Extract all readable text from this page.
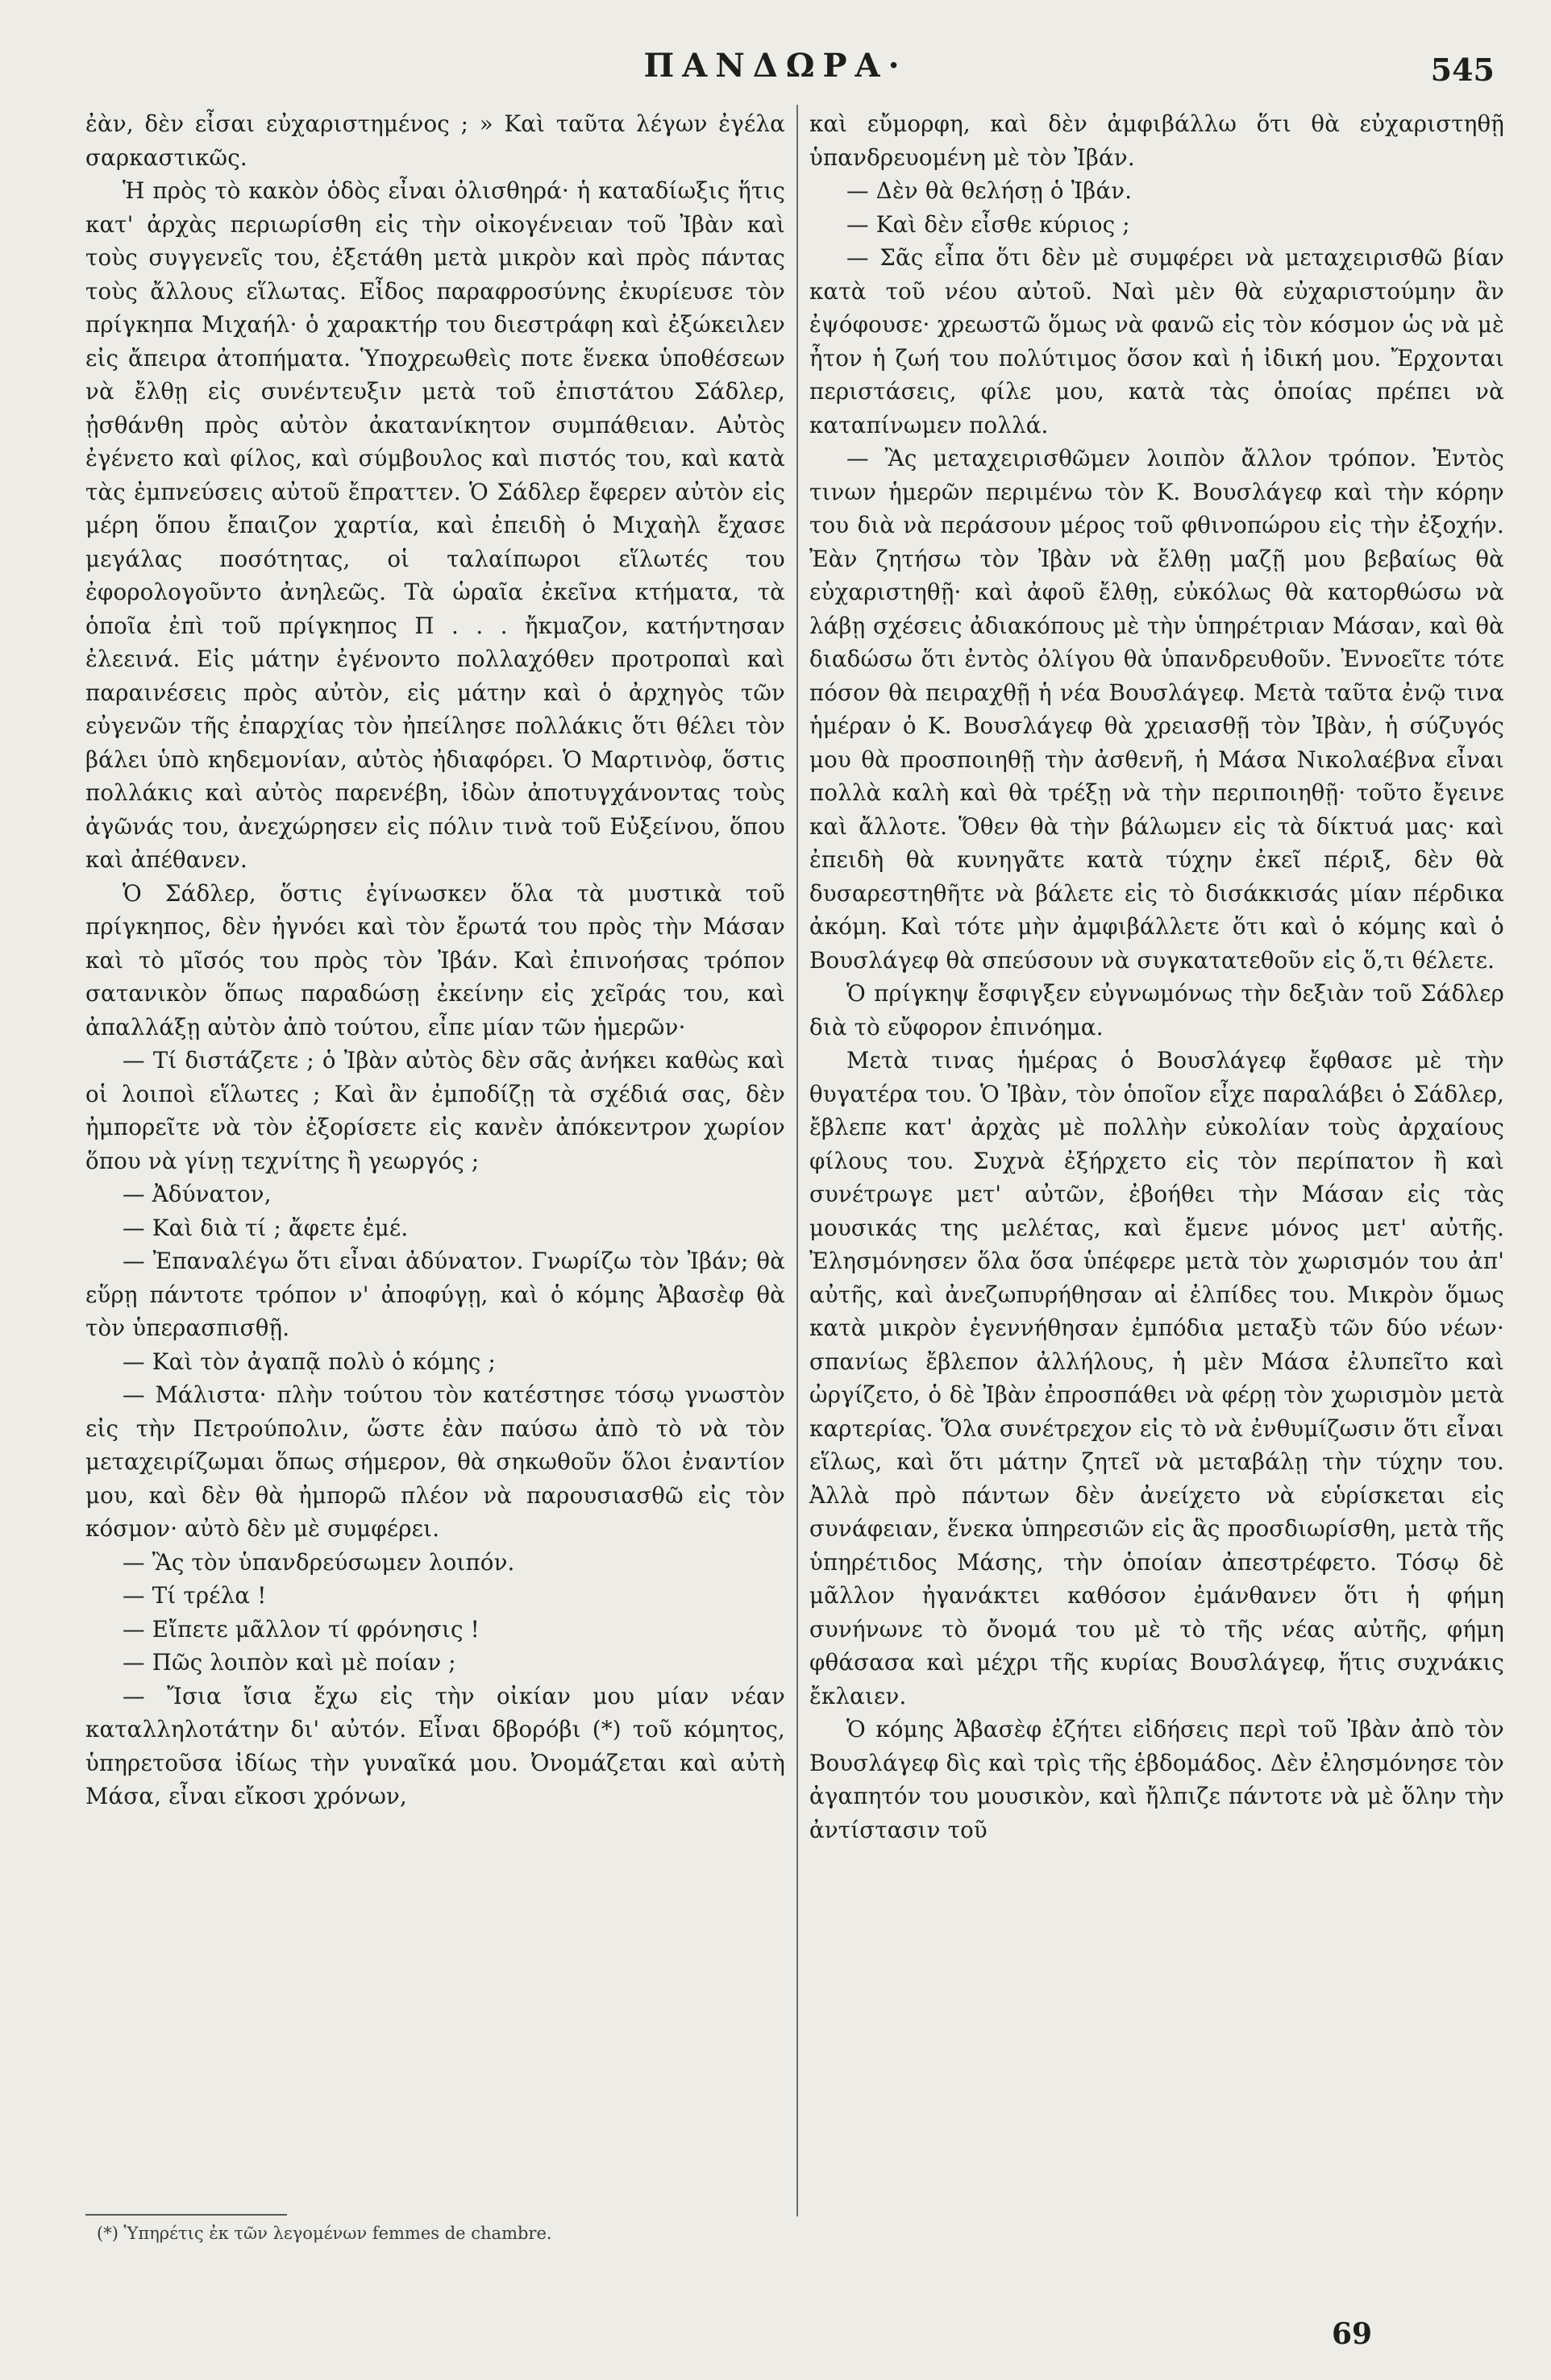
ΠΑΝΔΩΡΑ·	545

ἐὰν, δὲν εἶσαι εὐχαριστημένος ; » Καὶ ταῦτα λέγων ἐγέλα σαρκαστικῶς.

Ἡ πρὸς τὸ κακὸν ὁδὸς εἶναι ὀλισθηρά· ἡ καταδίωξις ἥτις κατ' ἀρχὰς περιωρίσθη εἰς τὴν οἰκογένειαν τοῦ Ἰβὰν καὶ τοὺς συγγενεῖς του, ἐξετάθη μετὰ μικρὸν καὶ πρὸς πάντας τοὺς ἄλλους εἵλωτας. Εἶδος παραφροσύνης ἐκυρίευσε τὸν πρίγκηπα Μιχαήλ· ὁ χαρακτήρ του διεστράφη καὶ ἐξώκειλεν εἰς ἄπειρα ἀτοπήματα. Ὑποχρεωθεὶς ποτε ἕνεκα ὑποθέσεων νὰ ἔλθῃ εἰς συνέντευξιν μετὰ τοῦ ἐπιστάτου Σάδλερ, ᾐσθάνθη πρὸς αὐτὸν ἀκατανίκητον συμπάθειαν. Αὐτὸς ἐγένετο καὶ φίλος, καὶ σύμβουλος καὶ πιστός του, καὶ κατὰ τὰς ἐμπνεύσεις αὐτοῦ ἔπραττεν. Ὁ Σάδλερ ἔφερεν αὐτὸν εἰς μέρη ὅπου ἔπαιζον χαρτία, καὶ ἐπειδὴ ὁ Μιχαὴλ ἔχασε μεγάλας ποσότητας, οἱ ταλαίπωροι εἵλωτές του ἐφορολογοῦντο ἀνηλεῶς. Τὰ ὡραῖα ἐκεῖνα κτήματα, τὰ ὁποῖα ἐπὶ τοῦ πρίγκηπος Π . . . ἤκμαζον, κατήντησαν ἐλεεινά. Εἰς μάτην ἐγένοντο πολλαχόθεν προτροπαὶ καὶ παραινέσεις πρὸς αὐτὸν, εἰς μάτην καὶ ὁ ἀρχηγὸς τῶν εὐγενῶν τῆς ἐπαρχίας τὸν ἠπείλησε πολλάκις ὅτι θέλει τὸν βάλει ὑπὸ κηδεμονίαν, αὐτὸς ἠδιαφόρει. Ὁ Μαρτινὸφ, ὅστις πολλάκις καὶ αὐτὸς παρενέβη, ἰδὼν ἀποτυγχάνοντας τοὺς ἀγῶνάς του, ἀνεχώρησεν εἰς πόλιν τινὰ τοῦ Εὐξείνου, ὅπου καὶ ἀπέθανεν.

Ὁ Σάδλερ, ὅστις ἐγίνωσκεν ὅλα τὰ μυστικὰ τοῦ πρίγκηπος, δὲν ἠγνόει καὶ τὸν ἔρωτά του πρὸς τὴν Μάσαν καὶ τὸ μῖσός του πρὸς τὸν Ἰβάν. Καὶ ἐπινοήσας τρόπον σατανικὸν ὅπως παραδώσῃ ἐκείνην εἰς χεῖράς του, καὶ ἀπαλλάξῃ αὐτὸν ἀπὸ τούτου, εἶπε μίαν τῶν ἡμερῶν·

— Τί διστάζετε ; ὁ Ἰβὰν αὐτὸς δὲν σᾶς ἀνήκει καθὼς καὶ οἱ λοιποὶ εἵλωτες ; Καὶ ἂν ἐμποδίζῃ τὰ σχέδιά σας, δὲν ἠμπορεῖτε νὰ τὸν ἐξορίσετε εἰς κανὲν ἀπόκεντρον χωρίον ὅπου νὰ γίνῃ τεχνίτης ἢ γεωργός ;

— Ἀδύνατον,

— Καὶ διὰ τί ; ἄφετε ἐμέ.

— Ἐπαναλέγω ὅτι εἶναι ἀδύνατον. Γνωρίζω τὸν Ἰβάν; θὰ εὕρῃ πάντοτε τρόπον ν' ἀποφύγῃ, καὶ ὁ κόμης Ἀβασὲφ θὰ τὸν ὑπερασπισθῇ.

— Καὶ τὸν ἀγαπᾷ πολὺ ὁ κόμης ;

— Μάλιστα· πλὴν τούτου τὸν κατέστησε τόσῳ γνωστὸν εἰς τὴν Πετρούπολιν, ὥστε ἐὰν παύσω ἀπὸ τὸ νὰ τὸν μεταχειρίζωμαι ὅπως σήμερον, θὰ σηκωθοῦν ὅλοι ἐναντίον μου, καὶ δὲν θὰ ἠμπορῶ πλέον νὰ παρουσιασθῶ εἰς τὸν κόσμον· αὐτὸ δὲν μὲ συμφέρει.

— Ἂς τὸν ὑπανδρεύσωμεν λοιπόν.

— Τί τρέλα !

— Εἴπετε μᾶλλον τί φρόνησις !

— Πῶς λοιπὸν καὶ μὲ ποίαν ;

— Ἴσια ἴσια ἔχω εἰς τὴν οἰκίαν μου μίαν νέαν καταλληλοτάτην δι' αὐτόν. Εἶναι δβορόβι (*) τοῦ κόμητος, ὑπηρετοῦσα ἰδίως τὴν γυναῖκά μου. Ὀνομάζεται καὶ αὐτὴ Μάσα, εἶναι εἴκοσι χρόνων,

καὶ εὔμορφη, καὶ δὲν ἀμφιβάλλω ὅτι θὰ εὐχαριστηθῇ ὑπανδρευομένη μὲ τὸν Ἰβάν.

— Δὲν θὰ θελήσῃ ὁ Ἰβάν.

— Καὶ δὲν εἶσθε κύριος ;

— Σᾶς εἶπα ὅτι δὲν μὲ συμφέρει νὰ μεταχειρισθῶ βίαν κατὰ τοῦ νέου αὐτοῦ. Ναὶ μὲν θὰ εὐχαριστούμην ἂν ἐψόφουσε· χρεωστῶ ὅμως νὰ φανῶ εἰς τὸν κόσμον ὡς νὰ μὲ ἦτον ἡ ζωή του πολύτιμος ὅσον καὶ ἡ ἰδική μου. Ἔρχονται περιστάσεις, φίλε μου, κατὰ τὰς ὁποίας πρέπει νὰ καταπίνωμεν πολλά.

— Ἂς μεταχειρισθῶμεν λοιπὸν ἄλλον τρόπον. Ἐντὸς τινων ἡμερῶν περιμένω τὸν Κ. Βουσλάγεφ καὶ τὴν κόρην του διὰ νὰ περάσουν μέρος τοῦ φθινοπώρου εἰς τὴν ἐξοχήν. Ἐὰν ζητήσω τὸν Ἰβὰν νὰ ἔλθῃ μαζῇ μου βεβαίως θὰ εὐχαριστηθῇ· καὶ ἀφοῦ ἔλθῃ, εὐκόλως θὰ κατορθώσω νὰ λάβῃ σχέσεις ἀδιακόπους μὲ τὴν ὑπηρέτριαν Μάσαν, καὶ θὰ διαδώσω ὅτι ἐντὸς ὀλίγου θὰ ὑπανδρευθοῦν. Ἐννοεῖτε τότε πόσον θὰ πειραχθῇ ἡ νέα Βουσλάγεφ. Μετὰ ταῦτα ἐνῷ τινα ἡμέραν ὁ Κ. Βουσλάγεφ θὰ χρειασθῇ τὸν Ἰβὰν, ἡ σύζυγός μου θὰ προσποιηθῇ τὴν ἀσθενῆ, ἡ Μάσα Νικολαέβνα εἶναι πολλὰ καλὴ καὶ θὰ τρέξῃ νὰ τὴν περιποιηθῇ· τοῦτο ἔγεινε καὶ ἄλλοτε. Ὅθεν θὰ τὴν βάλωμεν εἰς τὰ δίκτυά μας· καὶ ἐπειδὴ θὰ κυνηγᾶτε κατὰ τύχην ἐκεῖ πέριξ, δὲν θὰ δυσαρεστηθῆτε νὰ βάλετε εἰς τὸ δισάκκισάς μίαν πέρδικα ἀκόμη. Καὶ τότε μὴν ἀμφιβάλλετε ὅτι καὶ ὁ κόμης καὶ ὁ Βουσλάγεφ θὰ σπεύσουν νὰ συγκατατεθοῦν εἰς ὅ,τι θέλετε.

Ὁ πρίγκηψ ἔσφιγξεν εὐγνωμόνως τὴν δεξιὰν τοῦ Σάδλερ διὰ τὸ εὔφορον ἐπινόημα.

Μετὰ τινας ἡμέρας ὁ Βουσλάγεφ ἔφθασε μὲ τὴν θυγατέρα του. Ὁ Ἰβὰν, τὸν ὁποῖον εἶχε παραλάβει ὁ Σάδλερ, ἔβλεπε κατ' ἀρχὰς μὲ πολλὴν εὐκολίαν τοὺς ἀρχαίους φίλους του. Συχνὰ ἐξήρχετο εἰς τὸν περίπατον ἢ καὶ συνέτρωγε μετ' αὐτῶν, ἐβοήθει τὴν Μάσαν εἰς τὰς μουσικάς της μελέτας, καὶ ἔμενε μόνος μετ' αὐτῆς. Ἐλησμόνησεν ὅλα ὅσα ὑπέφερε μετὰ τὸν χωρισμόν του ἀπ' αὐτῆς, καὶ ἀνεζωπυρήθησαν αἱ ἐλπίδες του. Μικρὸν ὅμως κατὰ μικρὸν ἐγεννήθησαν ἐμπόδια μεταξὺ τῶν δύο νέων· σπανίως ἔβλεπον ἀλλήλους, ἡ μὲν Μάσα ἐλυπεῖτο καὶ ὠργίζετο, ὁ δὲ Ἰβὰν ἐπροσπάθει νὰ φέρῃ τὸν χωρισμὸν μετὰ καρτερίας. Ὅλα συνέτρεχον εἰς τὸ νὰ ἐνθυμίζωσιν ὅτι εἶναι εἵλως, καὶ ὅτι μάτην ζητεῖ νὰ μεταβάλῃ τὴν τύχην του. Ἀλλὰ πρὸ πάντων δὲν ἀνείχετο νὰ εὑρίσκεται εἰς συνάφειαν, ἕνεκα ὑπηρεσιῶν εἰς ἃς προσδιωρίσθη, μετὰ τῆς ὑπηρέτιδος Μάσης, τὴν ὁποίαν ἀπεστρέφετο. Τόσῳ δὲ μᾶλλον ἠγανάκτει καθόσον ἐμάνθανεν ὅτι ἡ φήμη συνήνωνε τὸ ὄνομά του μὲ τὸ τῆς νέας αὐτῆς, φήμη φθάσασα καὶ μέχρι τῆς κυρίας Βουσλάγεφ, ἥτις συχνάκις ἔκλαιεν.

Ὁ κόμης Ἀβασὲφ ἐζήτει εἰδήσεις περὶ τοῦ Ἰβὰν ἀπὸ τὸν Βουσλάγεφ δὶς καὶ τρὶς τῆς ἑβδομάδος. Δὲν ἐλησμόνησε τὸν ἀγαπητόν του μουσικὸν, καὶ ἤλπιζε πάντοτε νὰ μὲ ὅλην τὴν ἀντίστασιν τοῦ

(*) Ὑπηρέτις ἐκ τῶν λεγομένων femmes de chambre.
69
